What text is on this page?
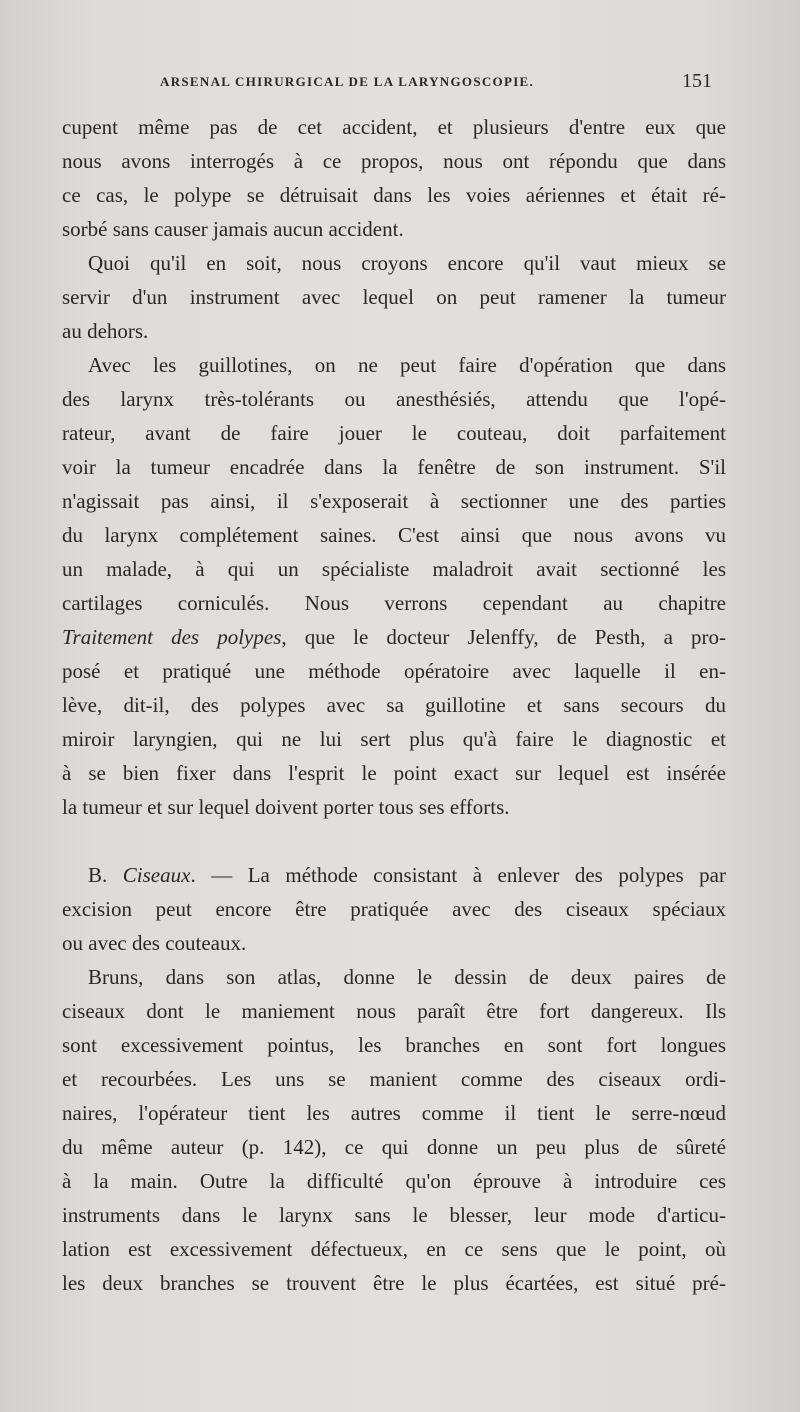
ARSENAL CHIRURGICAL DE LA LARYNGOSCOPIE.	151
cupent même pas de cet accident, et plusieurs d'entre eux que
nous avons interrogés à ce propos, nous ont répondu que dans
ce cas, le polype se détruisait dans les voies aériennes et était ré-
sorbé sans causer jamais aucun accident.
Quoi qu'il en soit, nous croyons encore qu'il vaut mieux se
servir d'un instrument avec lequel on peut ramener la tumeur
au dehors.
Avec les guillotines, on ne peut faire d'opération que dans
des larynx très-tolérants ou anesthésiés, attendu que l'opé-
rateur, avant de faire jouer le couteau, doit parfaitement
voir la tumeur encadrée dans la fenêtre de son instrument. S'il
n'agissait pas ainsi, il s'exposerait à sectionner une des parties
du larynx complétement saines. C'est ainsi que nous avons vu
un malade, à qui un spécialiste maladroit avait sectionné les
cartilages corniculés. Nous verrons cependant au chapitre
Traitement des polypes, que le docteur Jelenffy, de Pesth, a pro-
posé et pratiqué une méthode opératoire avec laquelle il en-
lève, dit-il, des polypes avec sa guillotine et sans secours du
miroir laryngien, qui ne lui sert plus qu'à faire le diagnostic et
à se bien fixer dans l'esprit le point exact sur lequel est insérée
la tumeur et sur lequel doivent porter tous ses efforts.
B. Ciseaux. — La méthode consistant à enlever des polypes par
excision peut encore être pratiquée avec des ciseaux spéciaux
ou avec des couteaux.
Bruns, dans son atlas, donne le dessin de deux paires de
ciseaux dont le maniement nous paraît être fort dangereux. Ils
sont excessivement pointus, les branches en sont fort longues
et recourbées. Les uns se manient comme des ciseaux ordi-
naires, l'opérateur tient les autres comme il tient le serre-nœud
du même auteur (p. 142), ce qui donne un peu plus de sûreté
à la main. Outre la difficulté qu'on éprouve à introduire ces
instruments dans le larynx sans le blesser, leur mode d'articu-
lation est excessivement défectueux, en ce sens que le point, où
les deux branches se trouvent être le plus écartées, est situé pré-
